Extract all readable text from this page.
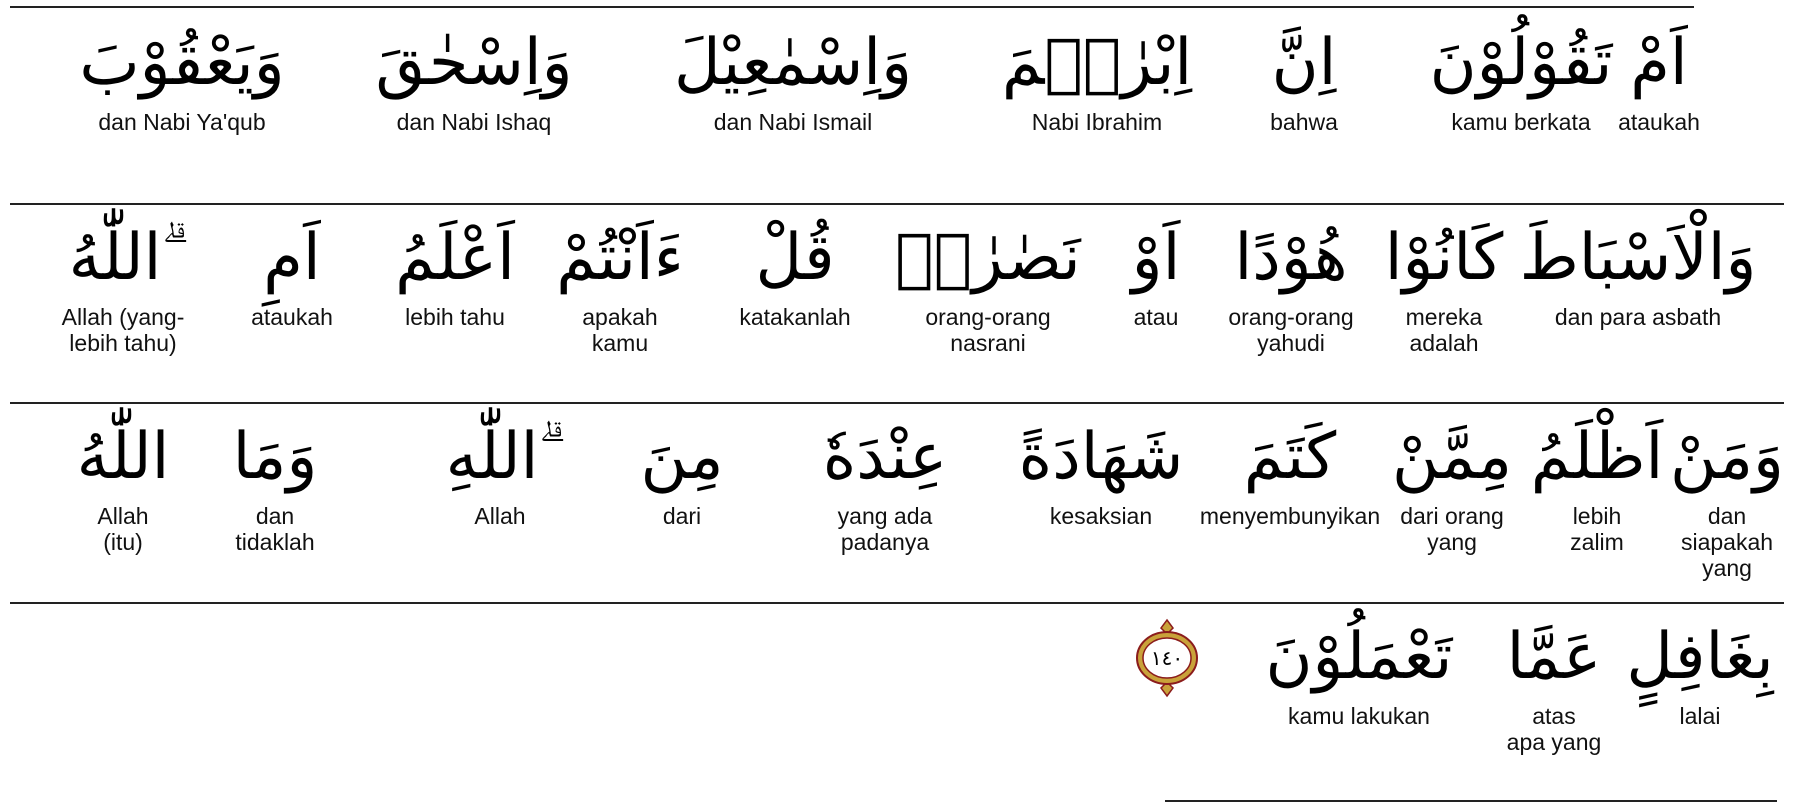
اَمْ
ataukah
تَقُوْلُوْنَ
kamu berkata
اِنَّ
bahwa
اِبْرٰهٖمَ
Nabi Ibrahim
وَاِسْمٰعِيْلَ
dan Nabi Ismail
وَاِسْحٰقَ
dan Nabi Ishaq
وَيَعْقُوْبَ
dan Nabi Ya'qub
وَالْاَسْبَاطَ
dan para asbath
كَانُوْا
mereka
adalah
هُوْدًا
orang-orang
yahudi
اَوْ
atau
نَصٰرٰىۗ
orang-orang
nasrani
قُلْ
katakanlah
ءَاَنْتُمْ
apakah
kamu
اَعْلَمُ
lebih tahu
اَمِ
ataukah
اللّٰهُ ۗ
Allah (yang-
lebih tahu)
وَمَنْ
dan
siapakah
yang
اَظْلَمُ
lebih
zalim
مِمَّنْ
dari orang
yang
كَتَمَ
menyembunyikan
شَهَادَةً
kesaksian
عِنْدَهٗ
yang ada
padanya
مِنَ
dari
اللّٰهِ ۗ
Allah
وَمَا
dan
tidaklah
اللّٰهُ
Allah
(itu)
بِغَافِلٍ
lalai
عَمَّا
atas
apa yang
تَعْمَلُوْنَ
kamu lakukan
١٤٠
